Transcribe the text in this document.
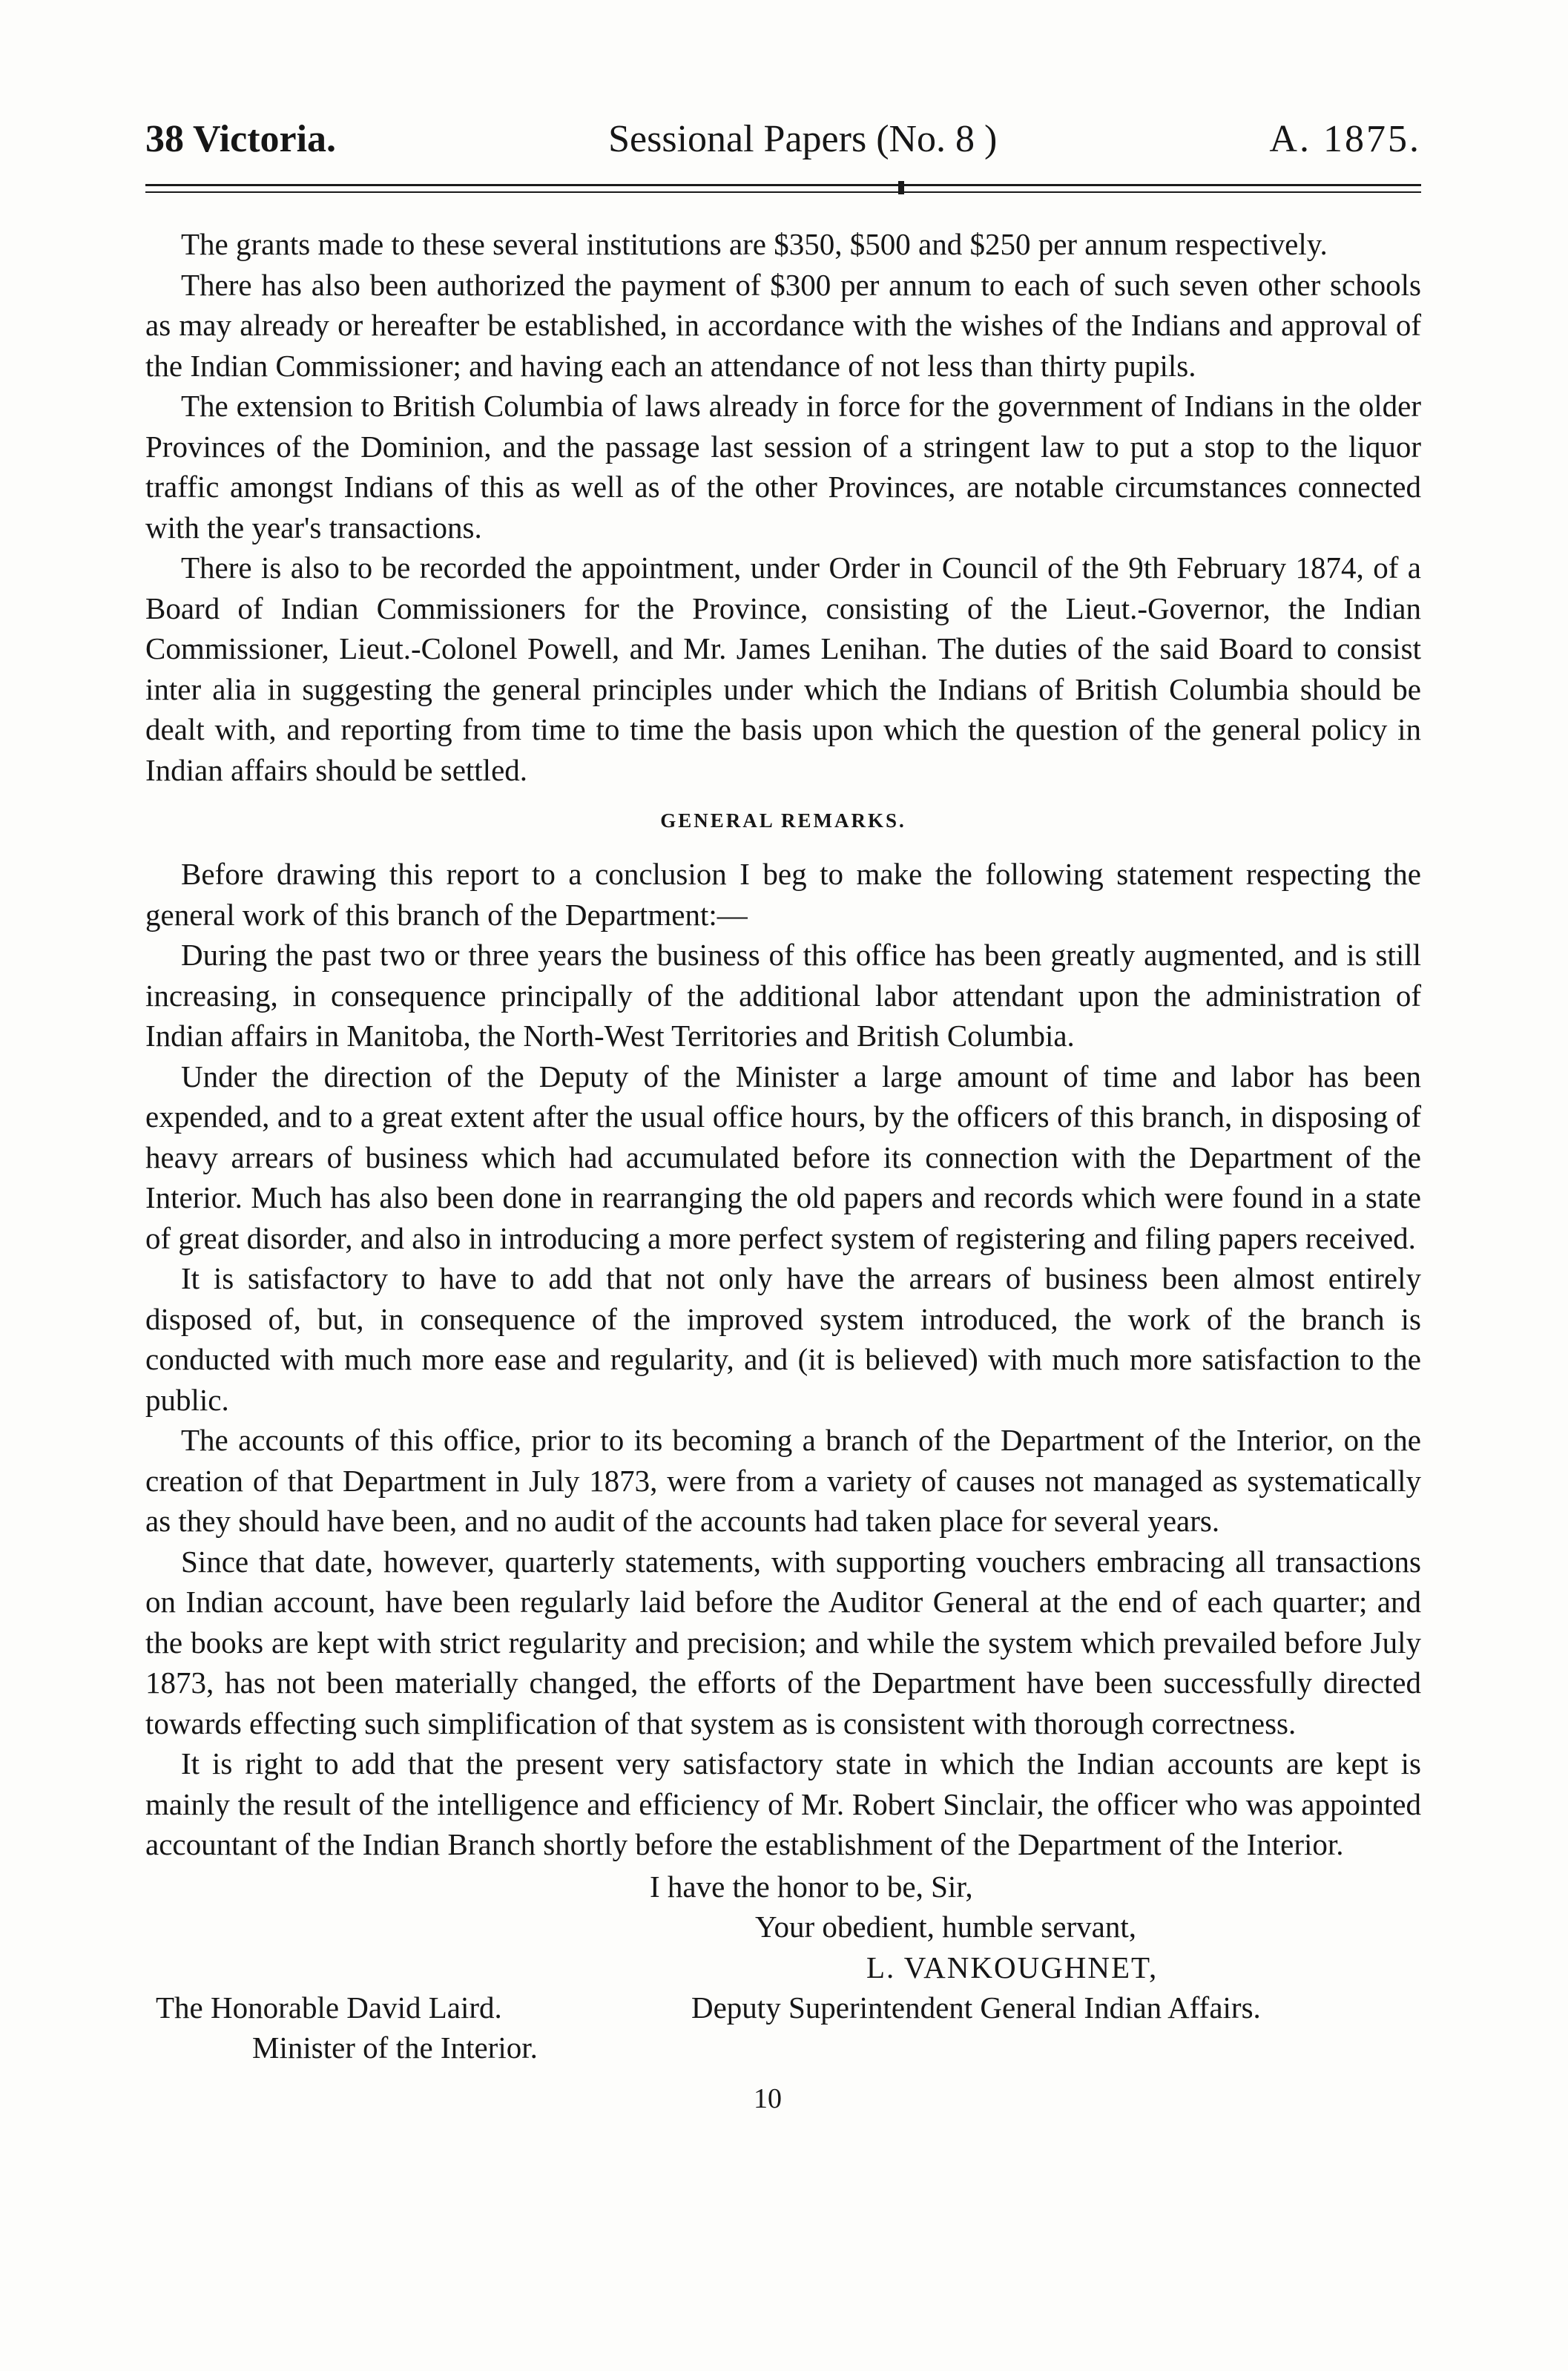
38 Victoria.	Sessional Papers (No. 8 )	A. 1875.

The grants made to these several institutions are $350, $500 and $250 per annum respectively.

There has also been authorized the payment of $300 per annum to each of such seven other schools as may already or hereafter be established, in accordance with the wishes of the Indians and approval of the Indian Commissioner; and having each an attendance of not less than thirty pupils.

The extension to British Columbia of laws already in force for the government of Indians in the older Provinces of the Dominion, and the passage last session of a stringent law to put a stop to the liquor traffic amongst Indians of this as well as of the other Provinces, are notable circumstances connected with the year's transactions.

There is also to be recorded the appointment, under Order in Council of the 9th February 1874, of a Board of Indian Commissioners for the Province, consisting of the Lieut.-Governor, the Indian Commissioner, Lieut.-Colonel Powell, and Mr. James Lenihan. The duties of the said Board to consist inter alia in suggesting the general principles under which the Indians of British Columbia should be dealt with, and reporting from time to time the basis upon which the question of the general policy in Indian affairs should be settled.

GENERAL REMARKS.

Before drawing this report to a conclusion I beg to make the following statement respecting the general work of this branch of the Department:—

During the past two or three years the business of this office has been greatly augmented, and is still increasing, in consequence principally of the additional labor attendant upon the administration of Indian affairs in Manitoba, the North-West Territories and British Columbia.

Under the direction of the Deputy of the Minister a large amount of time and labor has been expended, and to a great extent after the usual office hours, by the officers of this branch, in disposing of heavy arrears of business which had accumulated before its connection with the Department of the Interior. Much has also been done in rearranging the old papers and records which were found in a state of great disorder, and also in introducing a more perfect system of registering and filing papers received.

It is satisfactory to have to add that not only have the arrears of business been almost entirely disposed of, but, in consequence of the improved system introduced, the work of the branch is conducted with much more ease and regularity, and (it is believed) with much more satisfaction to the public.

The accounts of this office, prior to its becoming a branch of the Department of the Interior, on the creation of that Department in July 1873, were from a variety of causes not managed as systematically as they should have been, and no audit of the accounts had taken place for several years.

Since that date, however, quarterly statements, with supporting vouchers embracing all transactions on Indian account, have been regularly laid before the Auditor General at the end of each quarter; and the books are kept with strict regularity and precision; and while the system which prevailed before July 1873, has not been materially changed, the efforts of the Department have been successfully directed towards effecting such simplification of that system as is consistent with thorough correctness.

It is right to add that the present very satisfactory state in which the Indian accounts are kept is mainly the result of the intelligence and efficiency of Mr. Robert Sinclair, the officer who was appointed accountant of the Indian Branch shortly before the establishment of the Department of the Interior.

I have the honor to be, Sir,
Your obedient, humble servant,
L. VANKOUGHNET,
Deputy Superintendent General Indian Affairs.
The Honorable David Laird.
Minister of the Interior.
10
